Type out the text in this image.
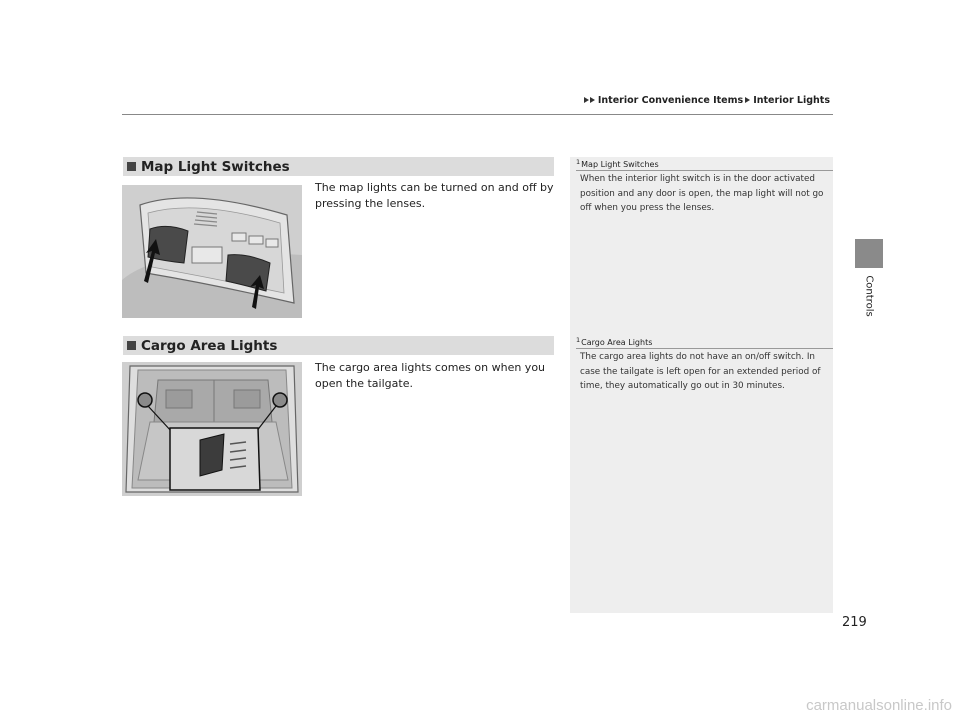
Interior Convenience Items Interior Lights
Controls
Map Light Switches
The map lights can be turned on and off by pressing the lenses.
1 Map Light Switches
When the interior light switch is in the door activated position and any door is open, the map light will not go off when you press the lenses.
Cargo Area Lights
The cargo area lights comes on when you open the tailgate.
1 Cargo Area Lights
The cargo area lights do not have an on/off switch. In case the tailgate is left open for an extended period of time, they automatically go out in 30 minutes.
219
carmanualsonline.info
